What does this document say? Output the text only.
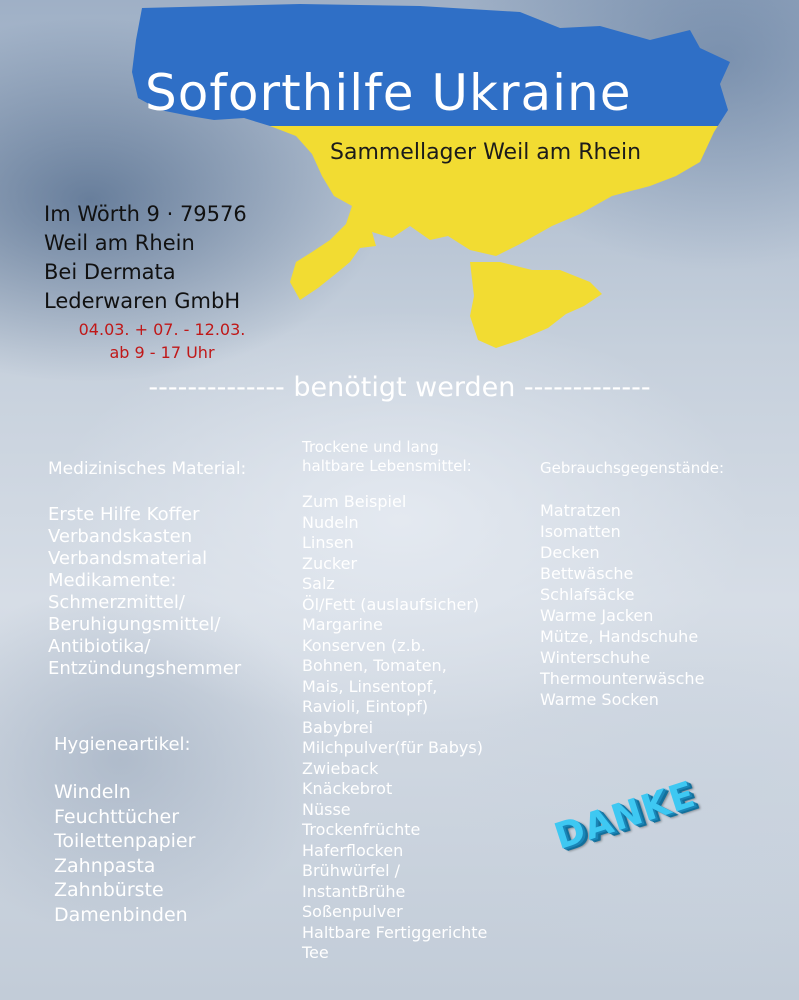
Soforthilfe Ukraine
Sammellager Weil am Rhein
Im Wörth 9 · 79576
Weil am Rhein
Bei Dermata
Lederwaren GmbH
04.03. + 07. - 12.03.
ab 9 - 17 Uhr
-------------- benötigt werden -------------
Medizinisches Material:
Erste Hilfe Koffer
Verbandskasten
Verbandsmaterial
Medikamente:
Schmerzmittel/
Beruhigungsmittel/
Antibiotika/
Entzündungshemmer
Hygieneartikel:
Windeln
Feuchttücher
Toilettenpapier
Zahnpasta
Zahnbürste
Damenbinden
Trockene und lang
haltbare Lebensmittel:
Zum Beispiel
Nudeln
Linsen
Zucker
Salz
Öl/Fett (auslaufsicher)
Margarine
Konserven (z.b.
Bohnen, Tomaten,
Mais, Linsentopf,
Ravioli, Eintopf)
Babybrei
Milchpulver(für Babys)
Zwieback
Knäckebrot
Nüsse
Trockenfrüchte
Haferflocken
Brühwürfel /
InstantBrühe
Soßenpulver
Haltbare Fertiggerichte
Tee
Gebrauchsgegenstände:
Matratzen
Isomatten
Decken
Bettwäsche
Schlafsäcke
Warme Jacken
Mütze, Handschuhe
Winterschuhe
Thermounterwäsche
Warme Socken
DANKE
